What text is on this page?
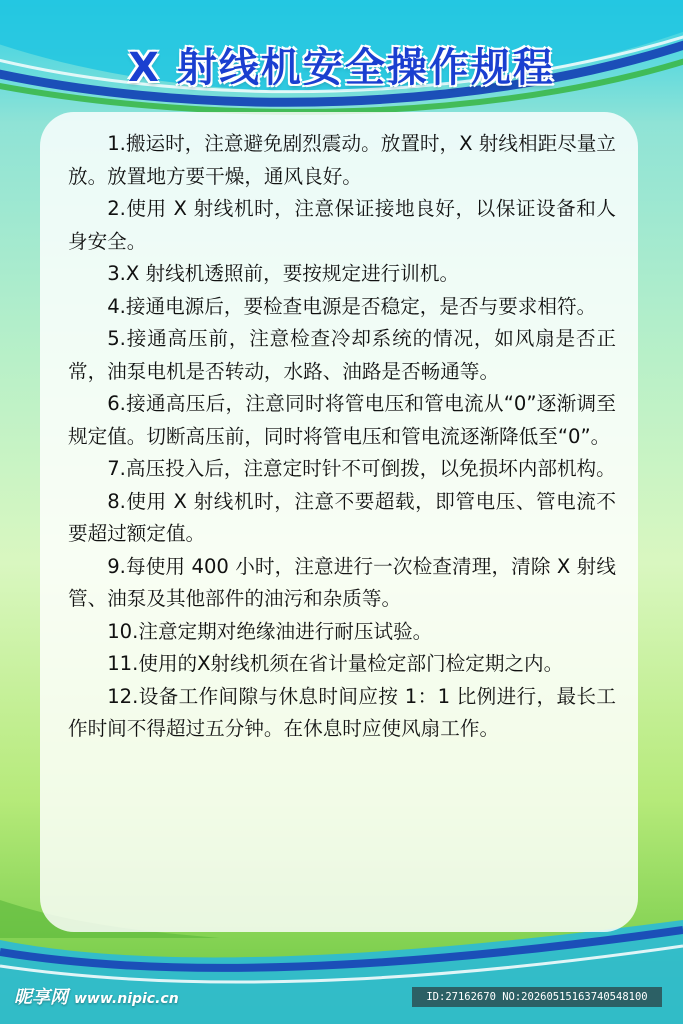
X 射线机安全操作规程

1.搬运时，注意避免剧烈震动。放置时，X 射线相距尽量立放。放置地方要干燥，通风良好。

2.使用 X 射线机时，注意保证接地良好，以保证设备和人身安全。

3.X 射线机透照前，要按规定进行训机。

4.接通电源后，要检查电源是否稳定，是否与要求相符。

5.接通高压前，注意检查冷却系统的情况，如风扇是否正常，油泵电机是否转动，水路、油路是否畅通等。

6.接通高压后，注意同时将管电压和管电流从“0”逐渐调至规定值。切断高压前，同时将管电压和管电流逐渐降低至“0”。

7.高压投入后，注意定时针不可倒拨，以免损坏内部机构。

8.使用 X 射线机时，注意不要超载，即管电压、管电流不要超过额定值。

9.每使用 400 小时，注意进行一次检查清理，清除 X 射线管、油泵及其他部件的油污和杂质等。

10.注意定期对绝缘油进行耐压试验。

11.使用的X射线机须在省计量检定部门检定期之内。

12.设备工作间隙与休息时间应按 1：1 比例进行，最长工作时间不得超过五分钟。在休息时应使风扇工作。

昵享网 www.nipic.cn	ID:27162670 NO:20260515163740548100
